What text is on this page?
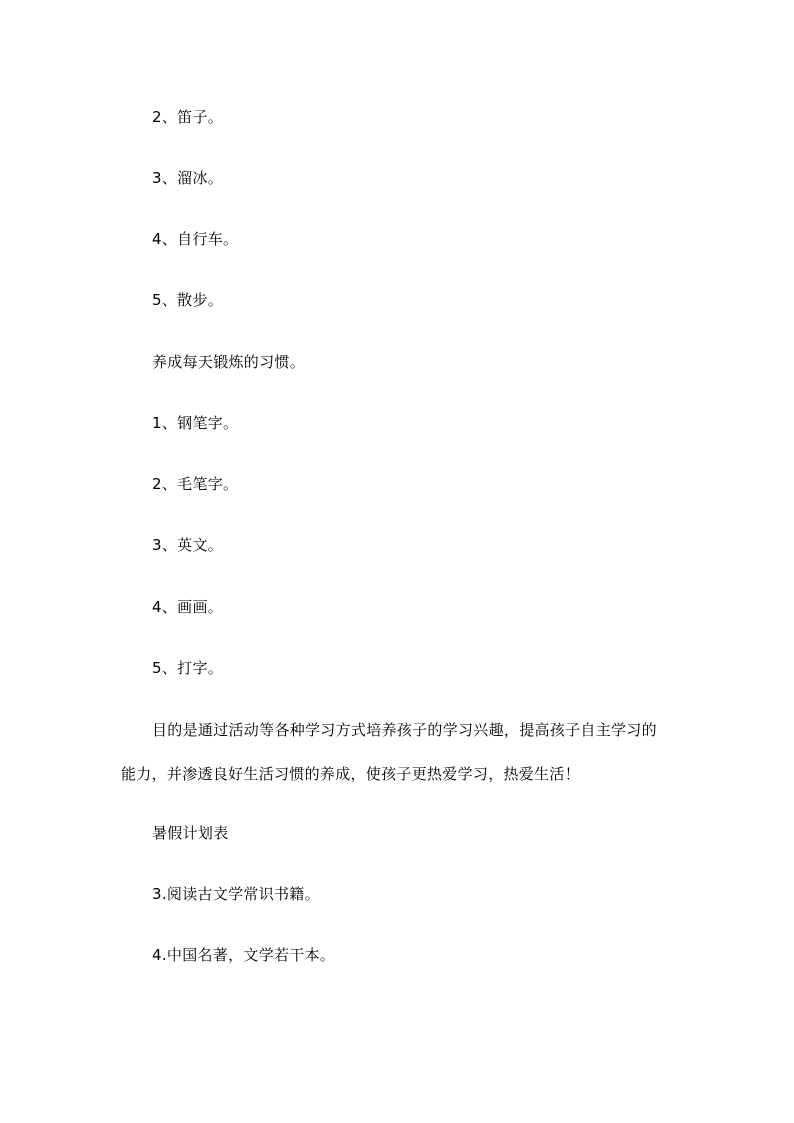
2、笛子。
3、溜冰。
4、自行车。
5、散步。
养成每天锻炼的习惯。
1、钢笔字。
2、毛笔字。
3、英文。
4、画画。
5、打字。
目的是通过活动等各种学习方式培养孩子的学习兴趣，提高孩子自主学习的
能力，并渗透良好生活习惯的养成，使孩子更热爱学习，热爱生活！
暑假计划表
3.阅读古文学常识书籍。
4.中国名著，文学若干本。
